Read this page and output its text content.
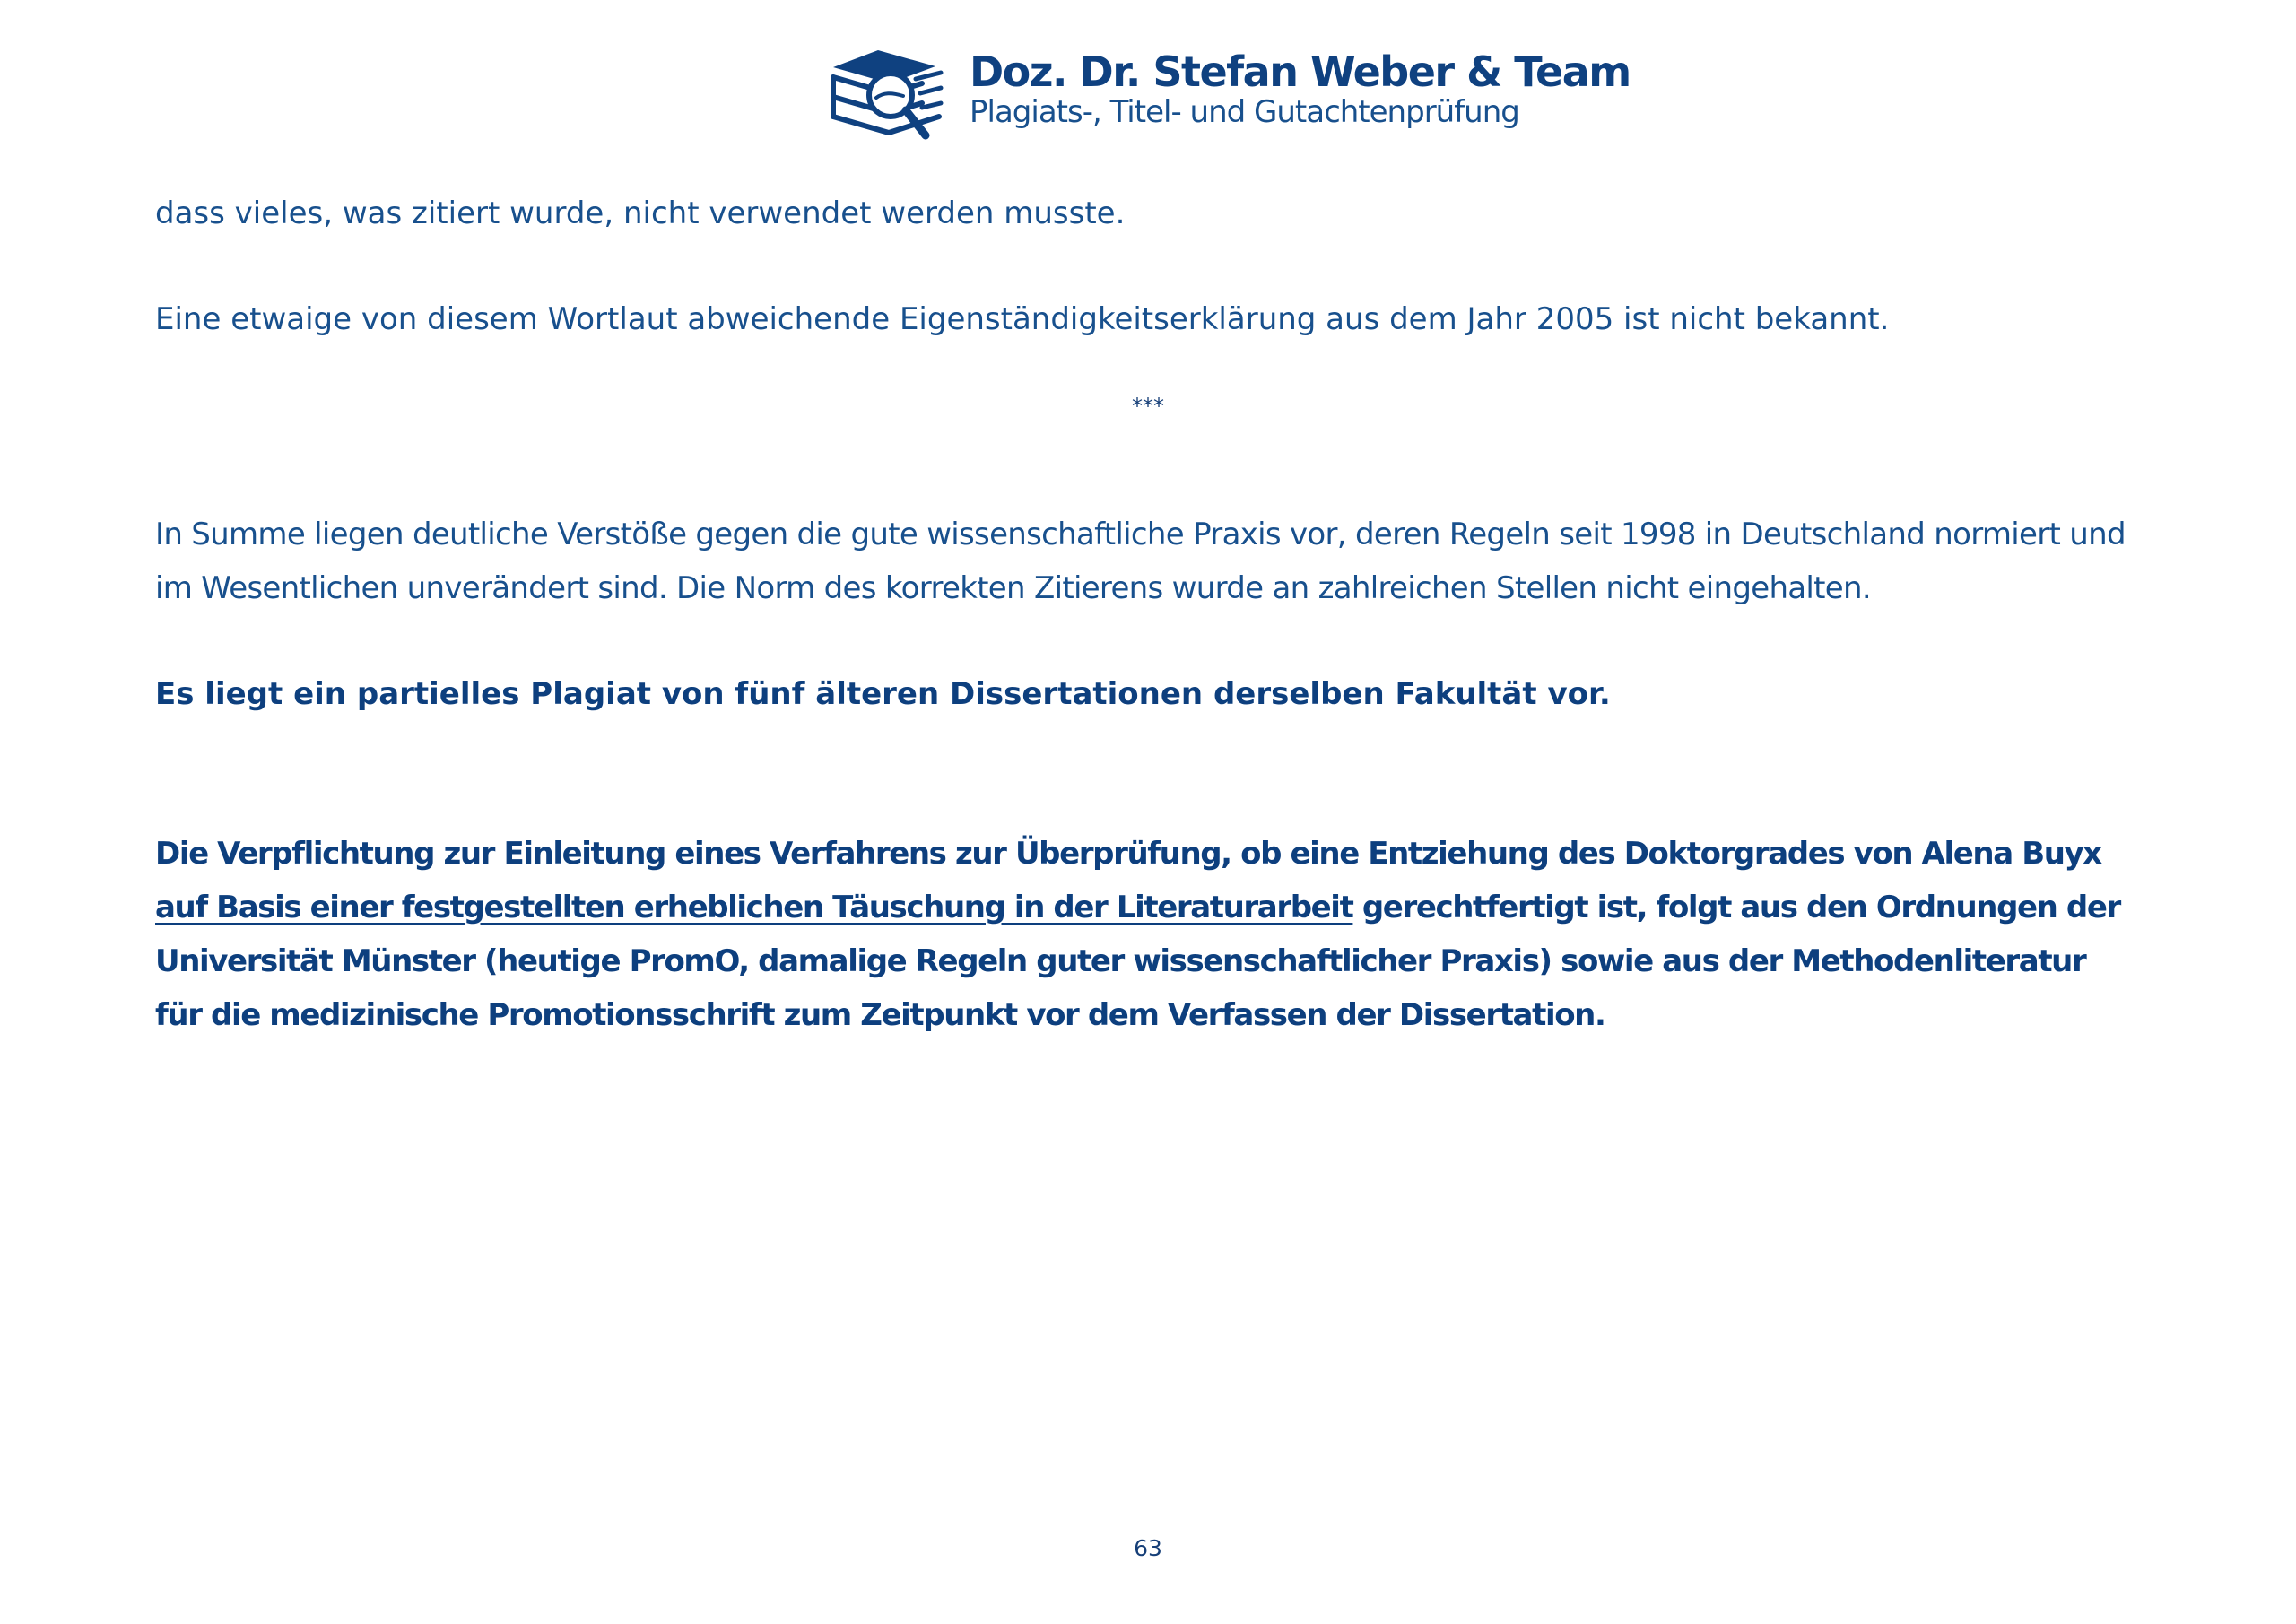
Doz. Dr. Stefan Weber & Team
Plagiats-, Titel- und Gutachtenprüfung

dass vieles, was zitiert wurde, nicht verwendet werden musste.

Eine etwaige von diesem Wortlaut abweichende Eigenständigkeitserklärung aus dem Jahr 2005 ist nicht bekannt.

***

In Summe liegen deutliche Verstöße gegen die gute wissenschaftliche Praxis vor, deren Regeln seit 1998 in Deutschland normiert und im Wesentlichen unverändert sind. Die Norm des korrekten Zitierens wurde an zahlreichen Stellen nicht eingehalten.

Es liegt ein partielles Plagiat von fünf älteren Dissertationen derselben Fakultät vor.

Die Verpflichtung zur Einleitung eines Verfahrens zur Überprüfung, ob eine Entziehung des Doktorgrades von Alena Buyx auf Basis einer festgestellten erheblichen Täuschung in der Literaturarbeit gerechtfertigt ist, folgt aus den Ordnungen der Universität Münster (heutige PromO, damalige Regeln guter wissenschaftlicher Praxis) sowie aus der Methodenliteratur für die medizinische Promotionsschrift zum Zeitpunkt vor dem Verfassen der Dissertation.

63
